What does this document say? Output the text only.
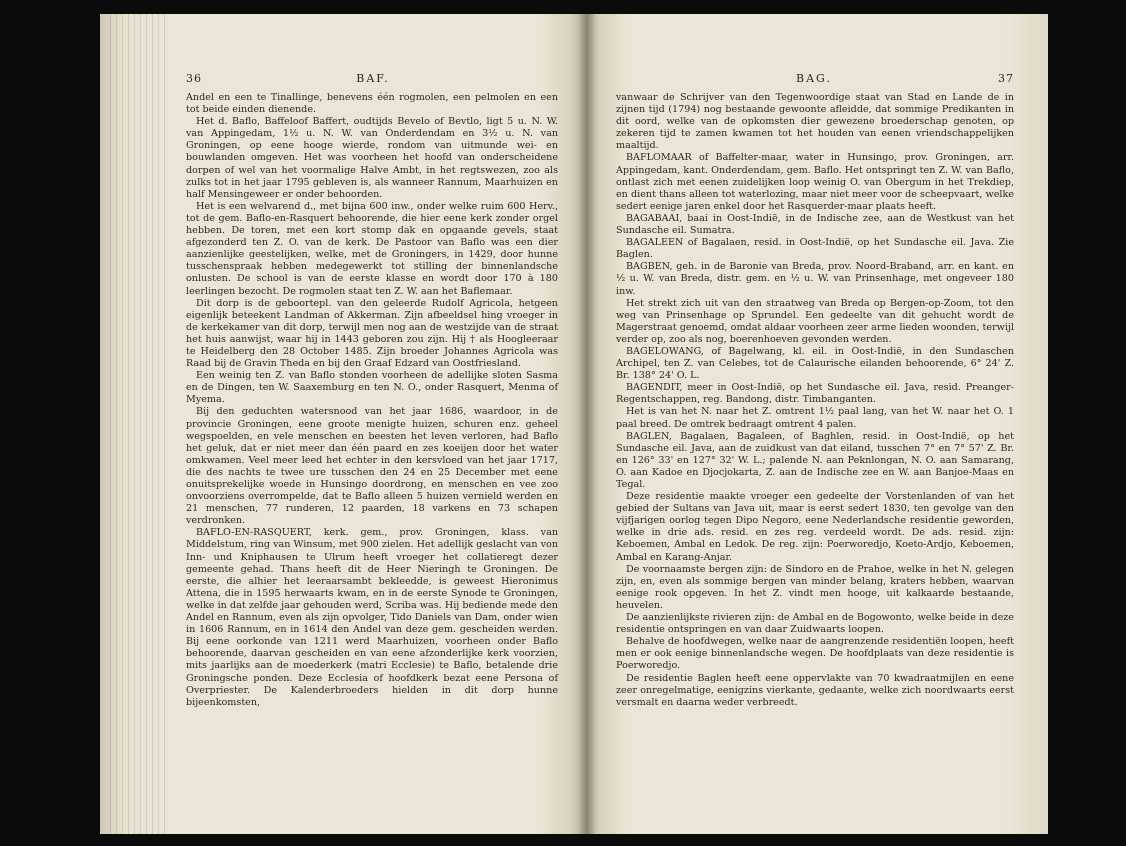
36	BAF.

Andel en een te Tinallinge, benevens één rogmolen, een pelmolen en een tot beide einden dienende.

Het d. Baflo, Baffeloof Baffert, oudtijds Bevelo of Bevtlo, ligt 5 u. N. W. van Appingedam, 1½ u. N. W. van Onderdendam en 3½ u. N. van Groningen, op eene hooge wierde, rondom van uitmunde wei- en bouwlanden omgeven. Het was voorheen het hoofd van onderscheidene dorpen of wel van het voormalige Halve Ambt, in het regtswezen, zoo als zulks tot in het jaar 1795 gebleven is, als wanneer Rannum, Maarhuizen en half Mensingeweer er onder behoorden.

Het is een welvarend d., met bijna 600 inw., onder welke ruim 600 Herv., tot de gem. Baflo-en-Rasquert behoorende, die hier eene kerk zonder orgel hebben. De toren, met een kort stomp dak en opgaande gevels, staat afgezonderd ten Z. O. van de kerk. De Pastoor van Baflo was een dier aanzienlijke geestelijken, welke, met de Groningers, in 1429, door hunne tusschenspraak hebben medegewerkt tot stilling der binnenlandsche onlusten. De school is van de eerste klasse en wordt door 170 à 180 leerlingen bezocht. De rogmolen staat ten Z. W. aan het Baflemaar.

Dit dorp is de geboortepl. van den geleerde Rudolf Agricola, hetgeen eigenlijk beteekent Landman of Akkerman. Zijn afbeeldsel hing vroeger in de kerkekamer van dit dorp, terwijl men nog aan de westzijde van de straat het huis aanwijst, waar hij in 1443 geboren zou zijn. Hij † als Hoogleeraar te Heidelberg den 28 October 1485. Zijn broeder Johannes Agricola was Raad bij de Gravin Theda en bij den Graaf Edzard van Oostfriesland.

Een weinig ten Z. van Baflo stonden voorheen de adellijke sloten Sasma en de Dingen, ten W. Saaxemburg en ten N. O., onder Rasquert, Menma of Myema.

Bij den geduchten watersnood van het jaar 1686, waardoor, in de provincie Groningen, eene groote menigte huizen, schuren enz. geheel wegspoelden, en vele menschen en beesten het leven verloren, had Baflo het geluk, dat er niet meer dan één paard en zes koeijen door het water omkwamen. Veel meer leed het echter in den kersvloed van het jaar 1717, die des nachts te twee ure tusschen den 24 en 25 December met eene onuitsprekelijke woede in Hunsingo doordrong, en menschen en vee zoo onvoorziens overrompelde, dat te Baflo alleen 5 huizen vernield werden en 21 menschen, 77 runderen, 12 paarden, 18 varkens en 73 schapen verdronken.

BAFLO-EN-RASQUERT, kerk. gem., prov. Groningen, klass. van Middelstum, ring van Winsum, met 900 zielen. Het adellijk geslacht van von Inn- und Kniphausen te Ulrum heeft vroeger het collatieregt dezer gemeente gehad. Thans heeft dit de Heer Nieringh te Groningen. De eerste, die alhier het leeraarsambt bekleedde, is geweest Hieronimus Attena, die in 1595 herwaarts kwam, en in de eerste Synode te Groningen, welke in dat zelfde jaar gehouden werd, Scriba was. Hij bediende mede den Andel en Rannum, even als zijn opvolger, Tido Daniels van Dam, onder wien in 1606 Rannum, en in 1614 den Andel van deze gem. gescheiden werden. Bij eene oorkonde van 1211 werd Maarhuizen, voorheen onder Baflo behoorende, daarvan gescheiden en van eene afzonderlijke kerk voorzien, mits jaarlijks aan de moederkerk (matri Ecclesie) te Baflo, betalende drie Groningsche ponden. Deze Ecclesia of hoofdkerk bezat eene Persona of Overpriester. De Kalenderbroeders hielden in dit dorp hunne bijeenkomsten,

BAG.	37

vanwaar de Schrijver van den Tegenwoordige staat van Stad en Lande de in zijnen tijd (1794) nog bestaande gewoonte afleidde, dat sommige Predikanten in dit oord, welke van de opkomsten dier gewezene broederschap genoten, op zekeren tijd te zamen kwamen tot het houden van eenen vriendschappelijken maaltijd.

BAFLOMAAR of Baffelter-maar, water in Hunsingo, prov. Groningen, arr. Appingedam, kant. Onderdendam, gem. Baflo. Het ontspringt ten Z. W. van Baflo, ontlast zich met eenen zuidelijken loop weinig O. van Obergum in het Trekdiep, en dient thans alleen tot waterlozing, maar niet meer voor de scheepvaart, welke sedert eenige jaren enkel door het Rasquerder-maar plaats heeft.

BAGABAAI, baai in Oost-Indië, in de Indische zee, aan de Westkust van het Sundasche eil. Sumatra.

BAGALEEN of Bagalaen, resid. in Oost-Indië, op het Sundasche eil. Java. Zie Baglen.

BAGBEN, geh. in de Baronie van Breda, prov. Noord-Braband, arr. en kant. en ½ u. W. van Breda, distr. gem. en ½ u. W. van Prinsenhage, met ongeveer 180 inw.

Het strekt zich uit van den straatweg van Breda op Bergen-op-Zoom, tot den weg van Prinsenhage op Sprundel. Een gedeelte van dit gehucht wordt de Magerstraat genoemd, omdat aldaar voorheen zeer arme lieden woonden, terwijl verder op, zoo als nog, boerenhoeven gevonden werden.

BAGELOWANG, of Bagelwang, kl. eil. in Oost-Indië, in den Sundaschen Archipel, ten Z. van Celebes, tot de Calaurische eilanden behoorende, 6° 24' Z. Br. 138° 24' O. L.

BAGENDIT, meer in Oost-Indië, op het Sundasche eil. Java, resid. Preanger-Regentschappen, reg. Bandong, distr. Timbanganten.

Het is van het N. naar het Z. omtrent 1½ paal lang, van het W. naar het O. 1 paal breed. De omtrek bedraagt omtrent 4 palen.

BAGLEN, Bagalaen, Bagaleen, of Baghlen, resid. in Oost-Indië, op het Sundasche eil. Java, aan de zuidkust van dat eiland, tusschen 7° en 7° 57' Z. Br. en 126° 33' en 127° 32' W. L.; palende N. aan Peknlongan, N. O. aan Samarang, O. aan Kadoe en Djocjokarta, Z. aan de Indische zee en W. aan Banjoe-Maas en Tegal.

Deze residentie maakte vroeger een gedeelte der Vorstenlanden of van het gebied der Sultans van Java uit, maar is eerst sedert 1830, ten gevolge van den vijfjarigen oorlog tegen Dipo Negoro, eene Nederlandsche residentie geworden, welke in drie ads. resid. en zes reg. verdeeld wordt. De ads. resid. zijn: Keboemen, Ambal en Ledok. De reg. zijn: Poerworedjo, Koeto-Ardjo, Keboemen, Ambal en Karang-Anjar.

De voornaamste bergen zijn: de Sindoro en de Prahoe, welke in het N. gelegen zijn, en, even als sommige bergen van minder belang, kraters hebben, waarvan eenige rook opgeven. In het Z. vindt men hooge, uit kalkaarde bestaande, heuvelen.

De aanzienlijkste rivieren zijn: de Ambal en de Bogowonto, welke beide in deze residentie ontspringen en van daar Zuidwaarts loopen.

Behalve de hoofdwegen, welke naar de aangrenzende residentiën loopen, heeft men er ook eenige binnenlandsche wegen. De hoofdplaats van deze residentie is Poerworedjo.

De residentie Baglen heeft eene oppervlakte van 70 kwadraatmijlen en eene zeer onregelmatige, eenigzins vierkante, gedaante, welke zich noordwaarts eerst versmalt en daarna weder verbreedt.
